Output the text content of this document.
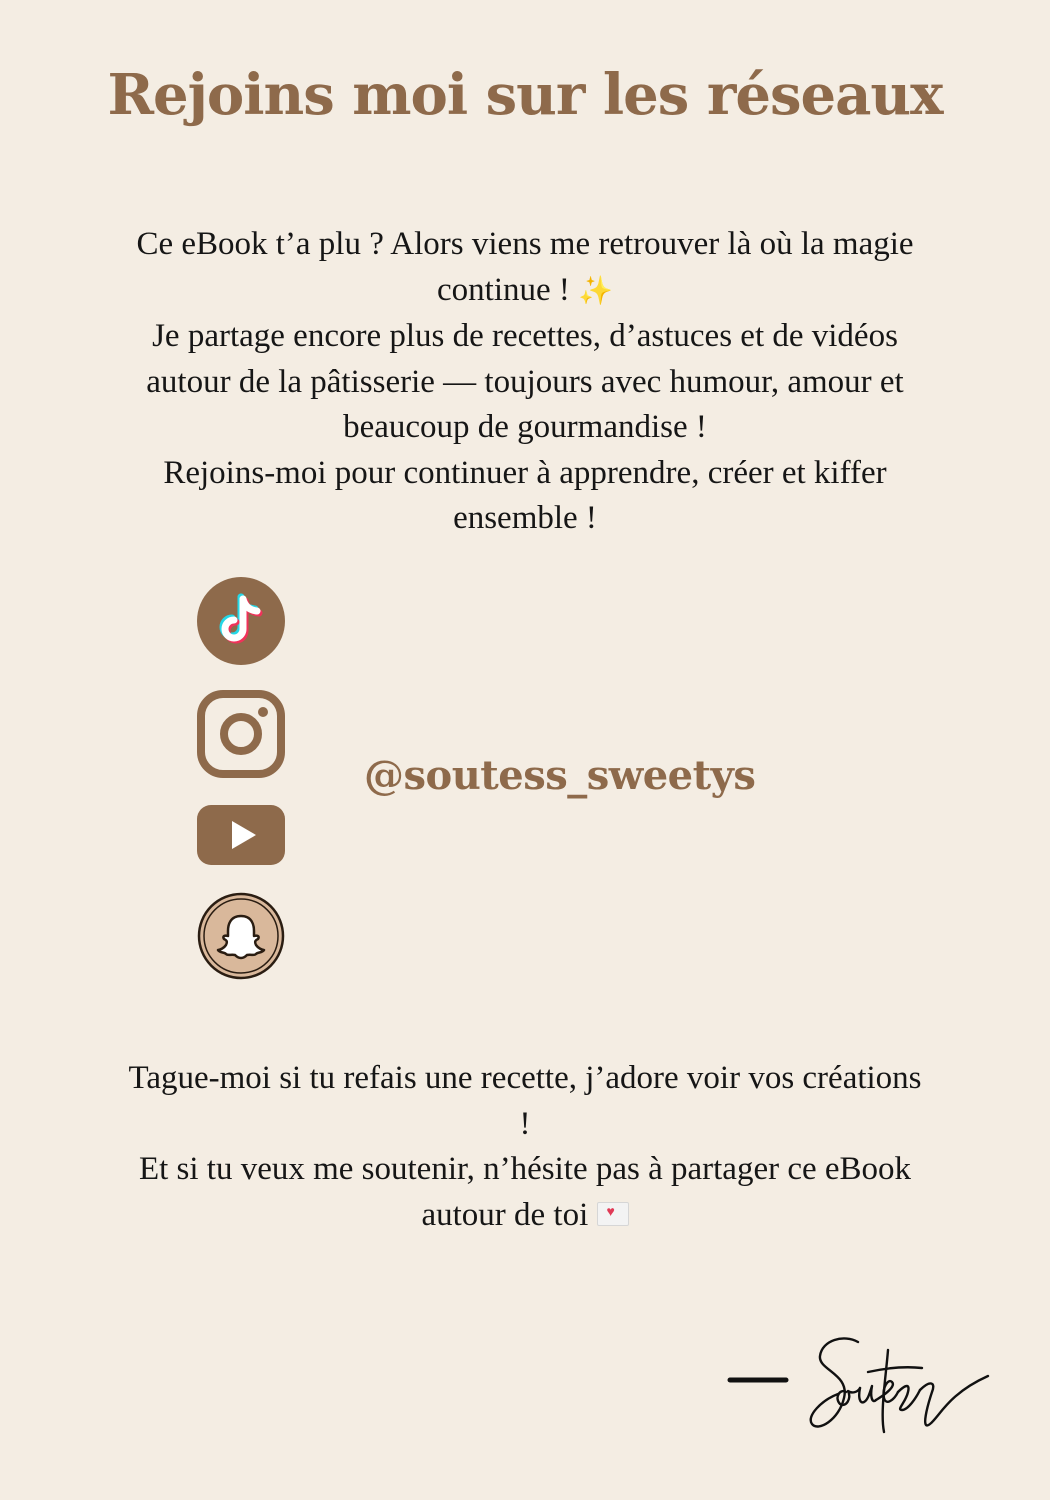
Rejoins moi sur les réseaux

Ce eBook t’a plu ? Alors viens me retrouver là où la magie
continue ! ✨
Je partage encore plus de recettes, d’astuces et de vidéos
autour de la pâtisserie — toujours avec humour, amour et
beaucoup de gourmandise !
Rejoins-moi pour continuer à apprendre, créer et kiffer
ensemble !

@soutess_sweetys

Tague-moi si tu refais une recette, j’adore voir vos créations
!
Et si tu veux me soutenir, n’hésite pas à partager ce eBook
autour de toi ♥
